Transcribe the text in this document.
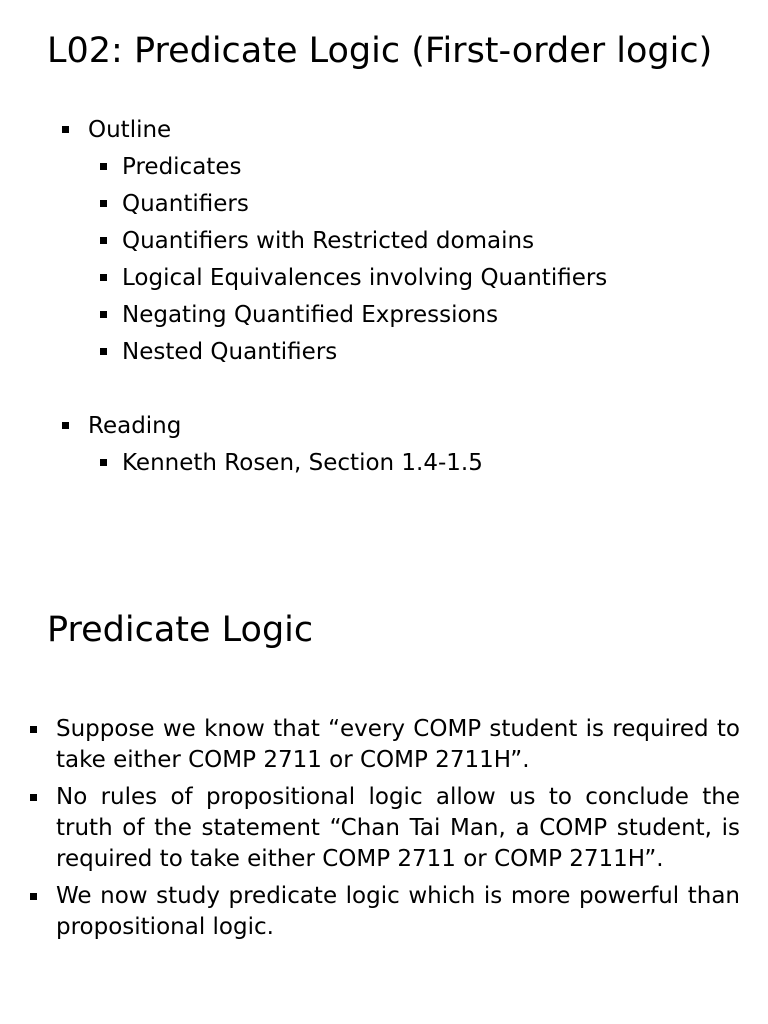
L02: Predicate Logic (First-order logic)
Outline
Predicates
Quantifiers
Quantifiers with Restricted domains
Logical Equivalences involving Quantifiers
Negating Quantified Expressions
Nested Quantifiers
Reading
Kenneth Rosen, Section 1.4-1.5
Predicate Logic
Suppose we know that “every COMP student is required to take either COMP 2711 or COMP 2711H”.
No rules of propositional logic allow us to conclude the truth of the statement “Chan Tai Man, a COMP student, is required to take either COMP 2711 or COMP 2711H”.
We now study predicate logic which is more powerful than propositional logic.
